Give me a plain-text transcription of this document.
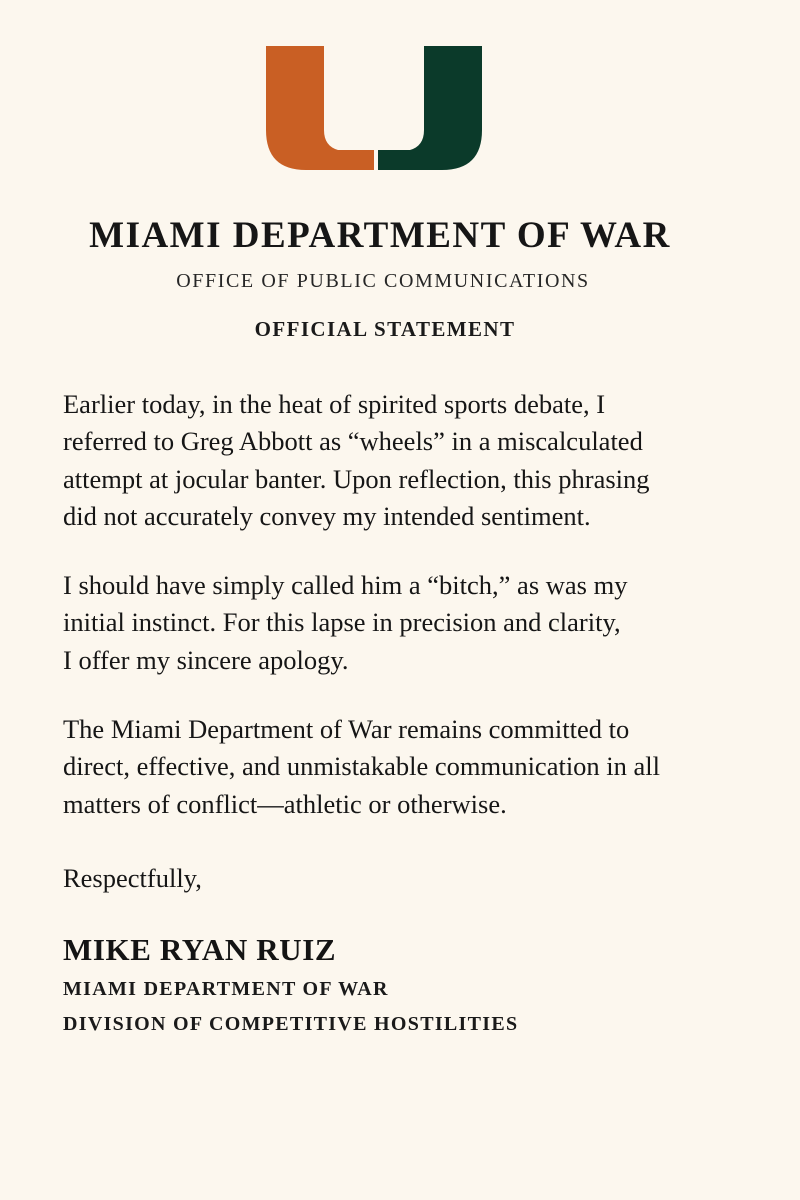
MIAMI DEPARTMENT OF WAR
OFFICE OF PUBLIC COMMUNICATIONS
OFFICIAL STATEMENT

Earlier today, in the heat of spirited sports debate, I
referred to Greg Abbott as “wheels” in a miscalculated
attempt at jocular banter. Upon reflection, this phrasing
did not accurately convey my intended sentiment.

I should have simply called him a “bitch,” as was my
initial instinct. For this lapse in precision and clarity,
I offer my sincere apology.

The Miami Department of War remains committed to
direct, effective, and unmistakable communication in all
matters of conflict—athletic or otherwise.

Respectfully,
MIKE RYAN RUIZ
MIAMI DEPARTMENT OF WAR
DIVISION OF COMPETITIVE HOSTILITIES
